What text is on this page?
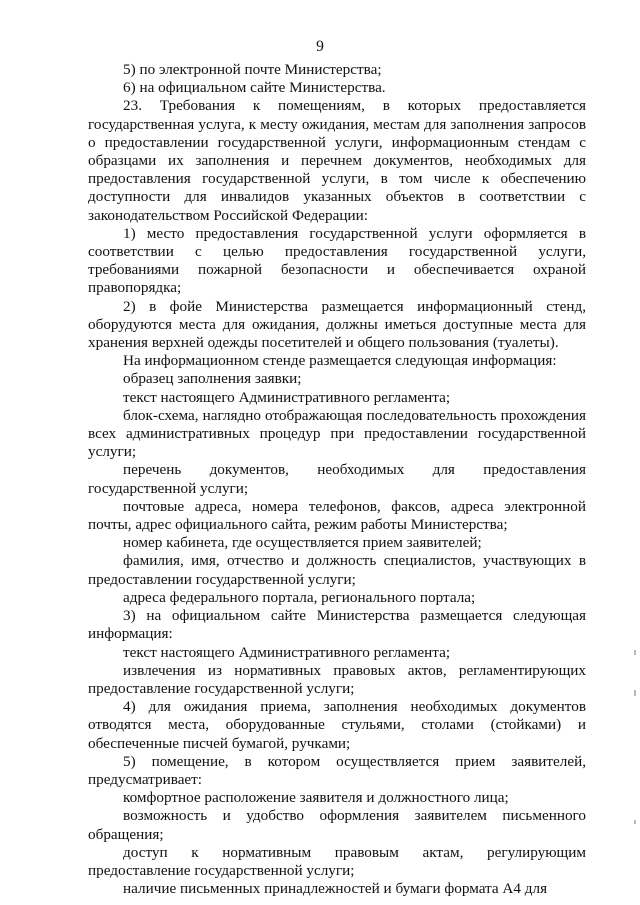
9

5) по электронной почте Министерства;

6) на официальном сайте Министерства.

23. Требования к помещениям, в которых предоставляется государственная услуга, к месту ожидания, местам для заполнения запросов о предоставлении государственной услуги, информационным стендам с образцами их заполнения и перечнем документов, необходимых для предоставления государственной услуги, в том числе к обеспечению доступности для инвалидов указанных объектов в соответствии с законодательством Российской Федерации:

1) место предоставления государственной услуги оформляется в соответствии с целью предоставления государственной услуги, требованиями пожарной безопасности и обеспечивается охраной правопорядка;

2) в фойе Министерства размещается информационный стенд, оборудуются места для ожидания, должны иметься доступные места для хранения верхней одежды посетителей и общего пользования (туалеты).

На информационном стенде размещается следующая информация:

образец заполнения заявки;

текст настоящего Административного регламента;

блок-схема, наглядно отображающая последовательность прохождения всех административных процедур при предоставлении государственной услуги;

перечень документов, необходимых для предоставления государственной услуги;

почтовые адреса, номера телефонов, факсов, адреса электронной почты, адрес официального сайта, режим работы Министерства;

номер кабинета, где осуществляется прием заявителей;

фамилия, имя, отчество и должность специалистов, участвующих в предоставлении государственной услуги;

адреса федерального портала, регионального портала;

3) на официальном сайте Министерства размещается следующая информация:

текст настоящего Административного регламента;

извлечения из нормативных правовых актов, регламентирующих предоставление государственной услуги;

4) для ожидания приема, заполнения необходимых документов отводятся места, оборудованные стульями, столами (стойками) и обеспеченные писчей бумагой, ручками;

5) помещение, в котором осуществляется прием заявителей, предусматривает:

комфортное расположение заявителя и должностного лица;

возможность и удобство оформления заявителем письменного обращения;

доступ к нормативным правовым актам, регулирующим предоставление государственной услуги;

наличие письменных принадлежностей и бумаги формата А4 для
